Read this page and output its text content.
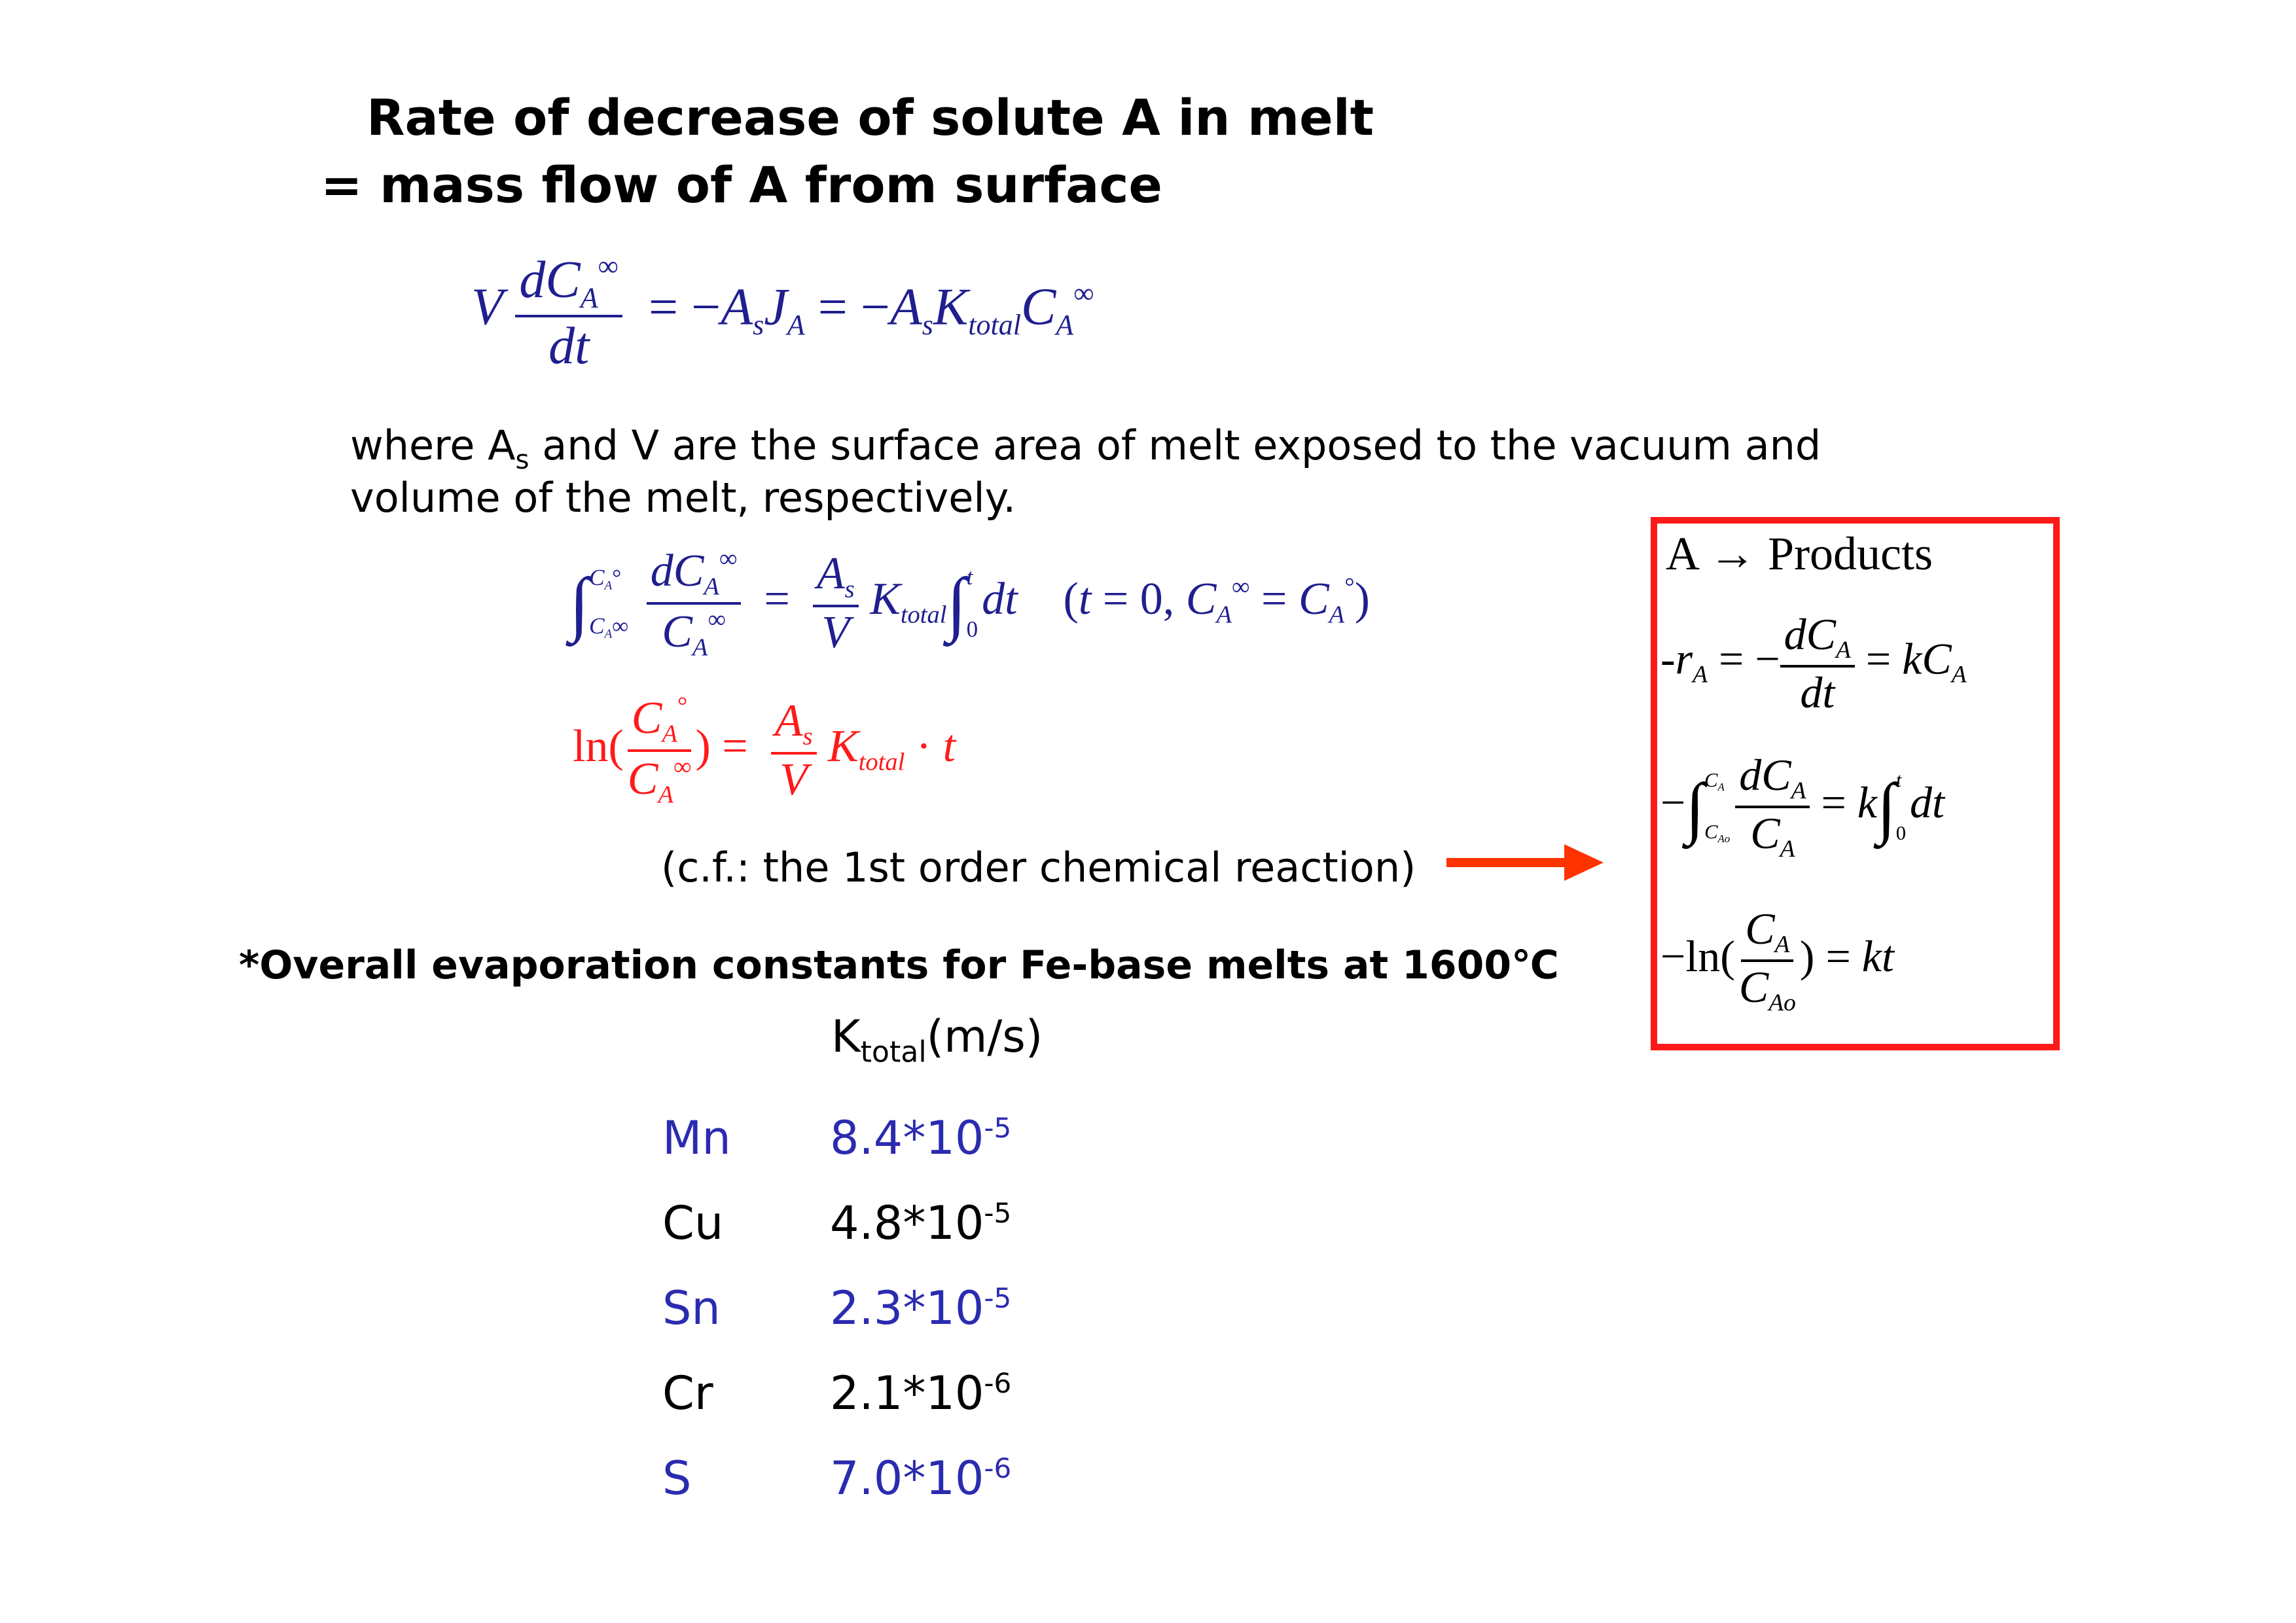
Rate of decrease of solute A in melt
= mass flow of A from surface
V $\frac{dC_A^\infty}{dt} = -A_sJ_A = -A_sK_{total}C_A^\infty$
where $A_s$ and V are the surface area of melt exposed to the vacuum and
volume of the melt, respectively.
∫ $C_A^\circ$
$C_A\infty$
$\frac{dC_A^\infty}{C_A^\infty} = \frac{A_s}{V} K_{total}\int$ t
0
dt    (t = 0, $C_A^\infty = C_A^\circ$)
$\ln( \frac{C_A^\circ}{C_A^\infty}$ ) = $\frac{A_s}{V} K_{total} \cdot t$
(c.f.: the 1st order chemical reaction)
A → Products
$-r_A$ = − $\frac{dC_A}{dt} = kC_A$
−∫ $C_A$
$C_{Ao} \frac{dC_A}{C_A} = k\int$ t
0
dt
$-\ln( \frac{C_A}{C_{Ao}}$ ) = kt
*Overall evaporation constants for Fe-base melts at 1600℃
$K_{total}(m/s)$
Mn $8.4*10^{-5}$
Cu $4.8*10^{-5}$
Sn $2.3*10^{-5}$
Cr	$2.1*10^{-6}$
S	$7.0*10^{-6}$
